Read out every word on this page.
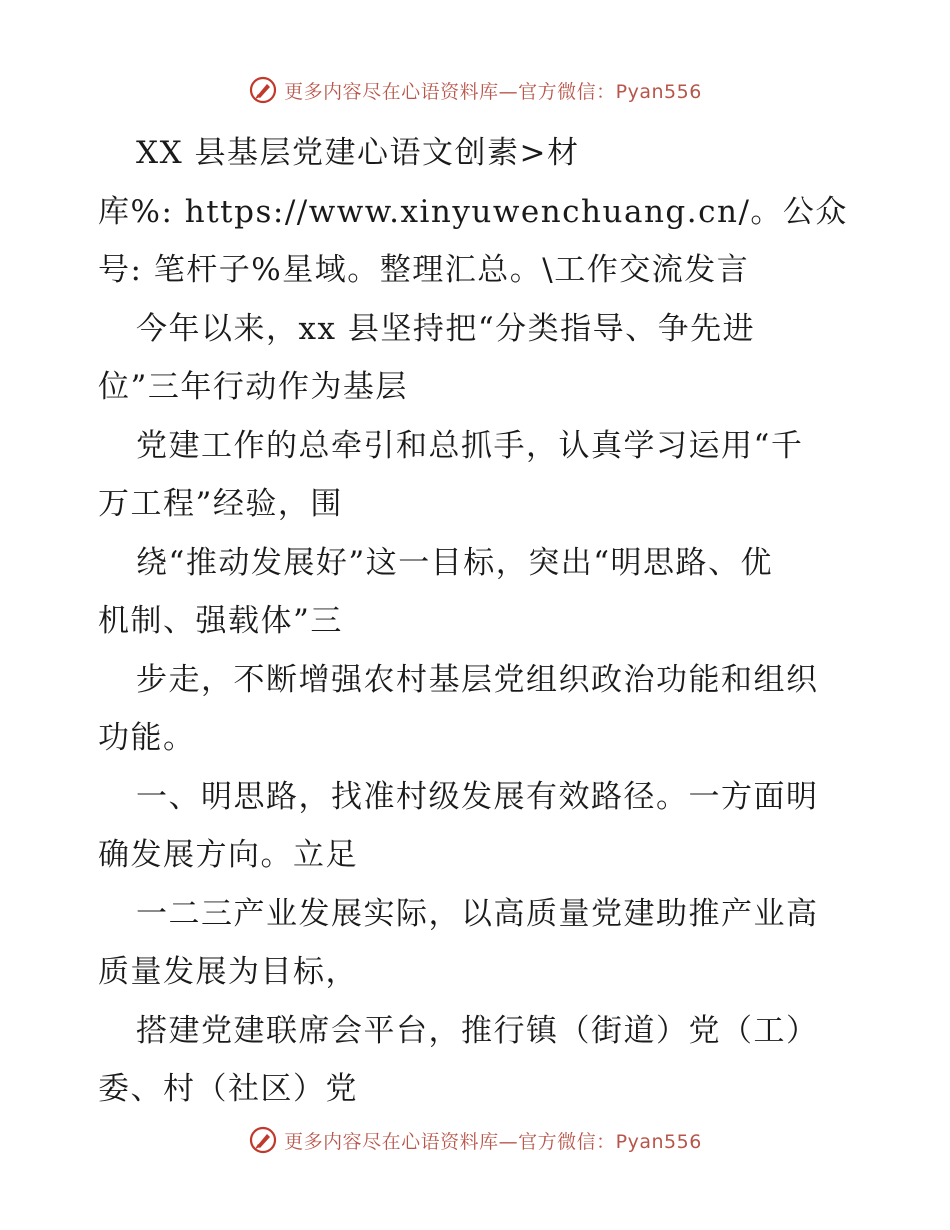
更多内容尽在心语资料库—官方微信：Pyan556
XX 县基层党建心语文创素>材
库%: https://www.xinyuwenchuang.cn/。公众
号: 笔杆子%星域。整理汇总。\工作交流发言
今年以来，xx 县坚持把“分类指导、争先进
位”三年行动作为基层
党建工作的总牵引和总抓手，认真学习运用“千
万工程”经验，围
绕“推动发展好”这一目标，突出“明思路、优
机制、强载体”三
步走，不断增强农村基层党组织政治功能和组织
功能。
一、明思路，找准村级发展有效路径。一方面明
确发展方向。立足
一二三产业发展实际，以高质量党建助推产业高
质量发展为目标，
搭建党建联席会平台，推行镇（街道）党（工）
委、村（社区）党
更多内容尽在心语资料库—官方微信：Pyan556
